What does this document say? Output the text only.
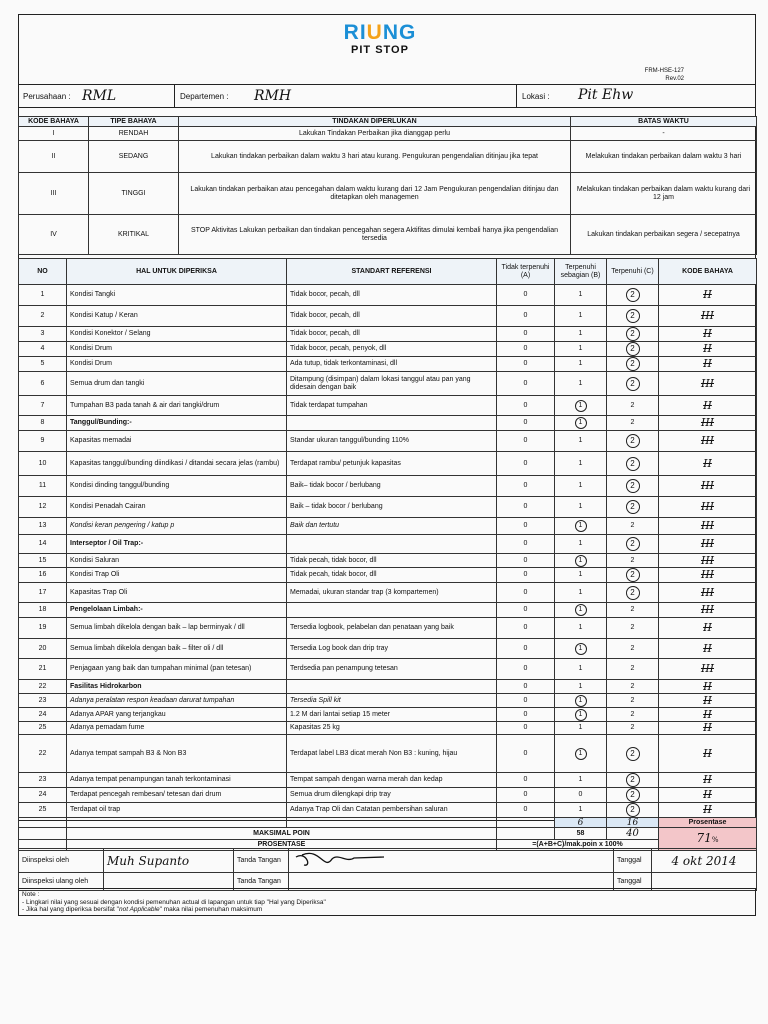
RIUNG
PIT STOP
FRM-HSE-127
Rev.02
Perusahaan : RML	Departemen : RMH	Lokasi : Pit Ehw
KODE BAHAYA	TIPE BAHAYA	TINDAKAN DIPERLUKAN	BATAS WAKTU
I	RENDAH	Lakukan Tindakan Perbaikan jika dianggap perlu	-
II	SEDANG	Lakukan tindakan perbaikan dalam waktu 3 hari atau kurang. Pengukuran pengendalian ditinjau jika tepat	Melakukan tindakan perbaikan dalam waktu 3 hari
III	TINGGI	Lakukan tindakan perbaikan atau pencegahan dalam waktu kurang dari 12 Jam Pengukuran pengendalian ditinjau dan ditetapkan oleh managemen	Melakukan tindakan perbaikan dalam waktu kurang dari 12 jam
IV	KRITIKAL	STOP Aktivitas Lakukan perbaikan dan tindakan pencegahan segera Aktifitas dimulai kembali hanya jika pengendalian tersedia	Lakukan tindakan perbaikan segera / secepatnya
NO	HAL UNTUK DIPERIKSA	STANDART REFERENSI	Tidak terpenuhi (A)	Terpenuhi sebagian (B)	Terpenuhi (C)	KODE BAHAYA
1	Kondisi Tangki	Tidak bocor, pecah, dll	0	1	2	II
2	Kondisi Katup / Keran	Tidak bocor, pecah, dll	0	1	2	III
3	Kondisi Konektor / Selang	Tidak bocor, pecah, dll	0	1	2	II
4	Kondisi Drum	Tidak bocor, pecah, penyok, dll	0	1	2	II
5	Kondisi Drum	Ada tutup, tidak terkontaminasi, dll	0	1	2	II
6	Semua drum dan tangki	Ditampung (disimpan) dalam lokasi tanggul atau pan yang didesain dengan baik	0	1	2	III
7	Tumpahan B3 pada tanah & air dari tangki/drum	Tidak terdapat tumpahan	0	1	2	II
8	Tanggul/Bunding:-		0	1	2	III
9	Kapasitas memadai	Standar ukuran tanggul/bunding 110%	0	1	2	III
10	Kapasitas tanggul/bunding diindikasi / ditandai secara jelas (rambu)	Terdapat rambu/ petunjuk kapasitas	0	1	2	II
11	Kondisi dinding tanggul/bunding	Baik– tidak bocor / berlubang	0	1	2	III
12	Kondisi Penadah Cairan	Baik – tidak bocor / berlubang	0	1	2	III
13	Kondisi keran pengering / katup p	Baik dan tertutu	0	1	2	III
14	Interseptor / Oil Trap:-		0	1	2	III
15	Kondisi Saluran	Tidak pecah, tidak bocor, dll	0	1	2	III
16	Kondisi Trap Oli	Tidak pecah, tidak bocor, dll	0	1	2	III
17	Kapasitas Trap Oli	Memadai, ukuran standar trap (3 kompartemen)	0	1	2	III
18	Pengelolaan Limbah:-		0	1	2	III
19	Semua limbah dikelola dengan baik – lap berminyak / dll	Tersedia logbook, pelabelan dan penataan yang baik	0	1	2	II
20	Semua limbah dikelola dengan baik – filter oli / dll	Tersedia Log book dan drip tray	0	1	2	II
21	Penjagaan yang baik dan tumpahan minimal (pan tetesan)	Terdsedia pan penampung tetesan	0	1	2	III
22	Fasilitas Hidrokarbon		0	1	2	II
23	Adanya peralatan respon keadaan darurat tumpahan	Tersedia Spill kit	0	1	2	II
24	Adanya APAR yang terjangkau	1.2 M dari lantai setiap 15 meter	0	1	2	II
25	Adanya pemadam fume	Kapasitas 25 kg	0	1	2	II
22	Adanya tempat sampah B3 & Non B3	Terdapat label LB3 dicat merah Non B3 : kuning, hijau	0	1	2	II
23	Adanya tempat penampungan tanah terkontaminasi	Tempat sampah dengan warna merah dan kedap	0	1	2	II
24	Terdapat pencegah rembesan/ tetesan dari drum	Semua drum dilengkapi drip tray	0	0	2	II
25	Terdapat oil trap	Adanya Trap Oli dan Catatan pembersihan saluran	0	1	2	II
				6	16	Prosentase
	MAKSIMAL POIN			58	40	71%
	PROSENTASE		=(A+B+C)/mak.poin x 100%			
Diinspeksi oleh	Muh Supanto	Tanda Tangan		Tanggal	4 okt 2014
Diinspeksi ulang oleh		Tanda Tangan		Tanggal	
Note :
- Lingkari nilai yang sesuai dengan kondisi pemenuhan actual di lapangan untuk tiap "Hal yang Diperiksa"
- Jika hal yang diperiksa bersifat "not Applicable" maka nilai pemenuhan maksimum
